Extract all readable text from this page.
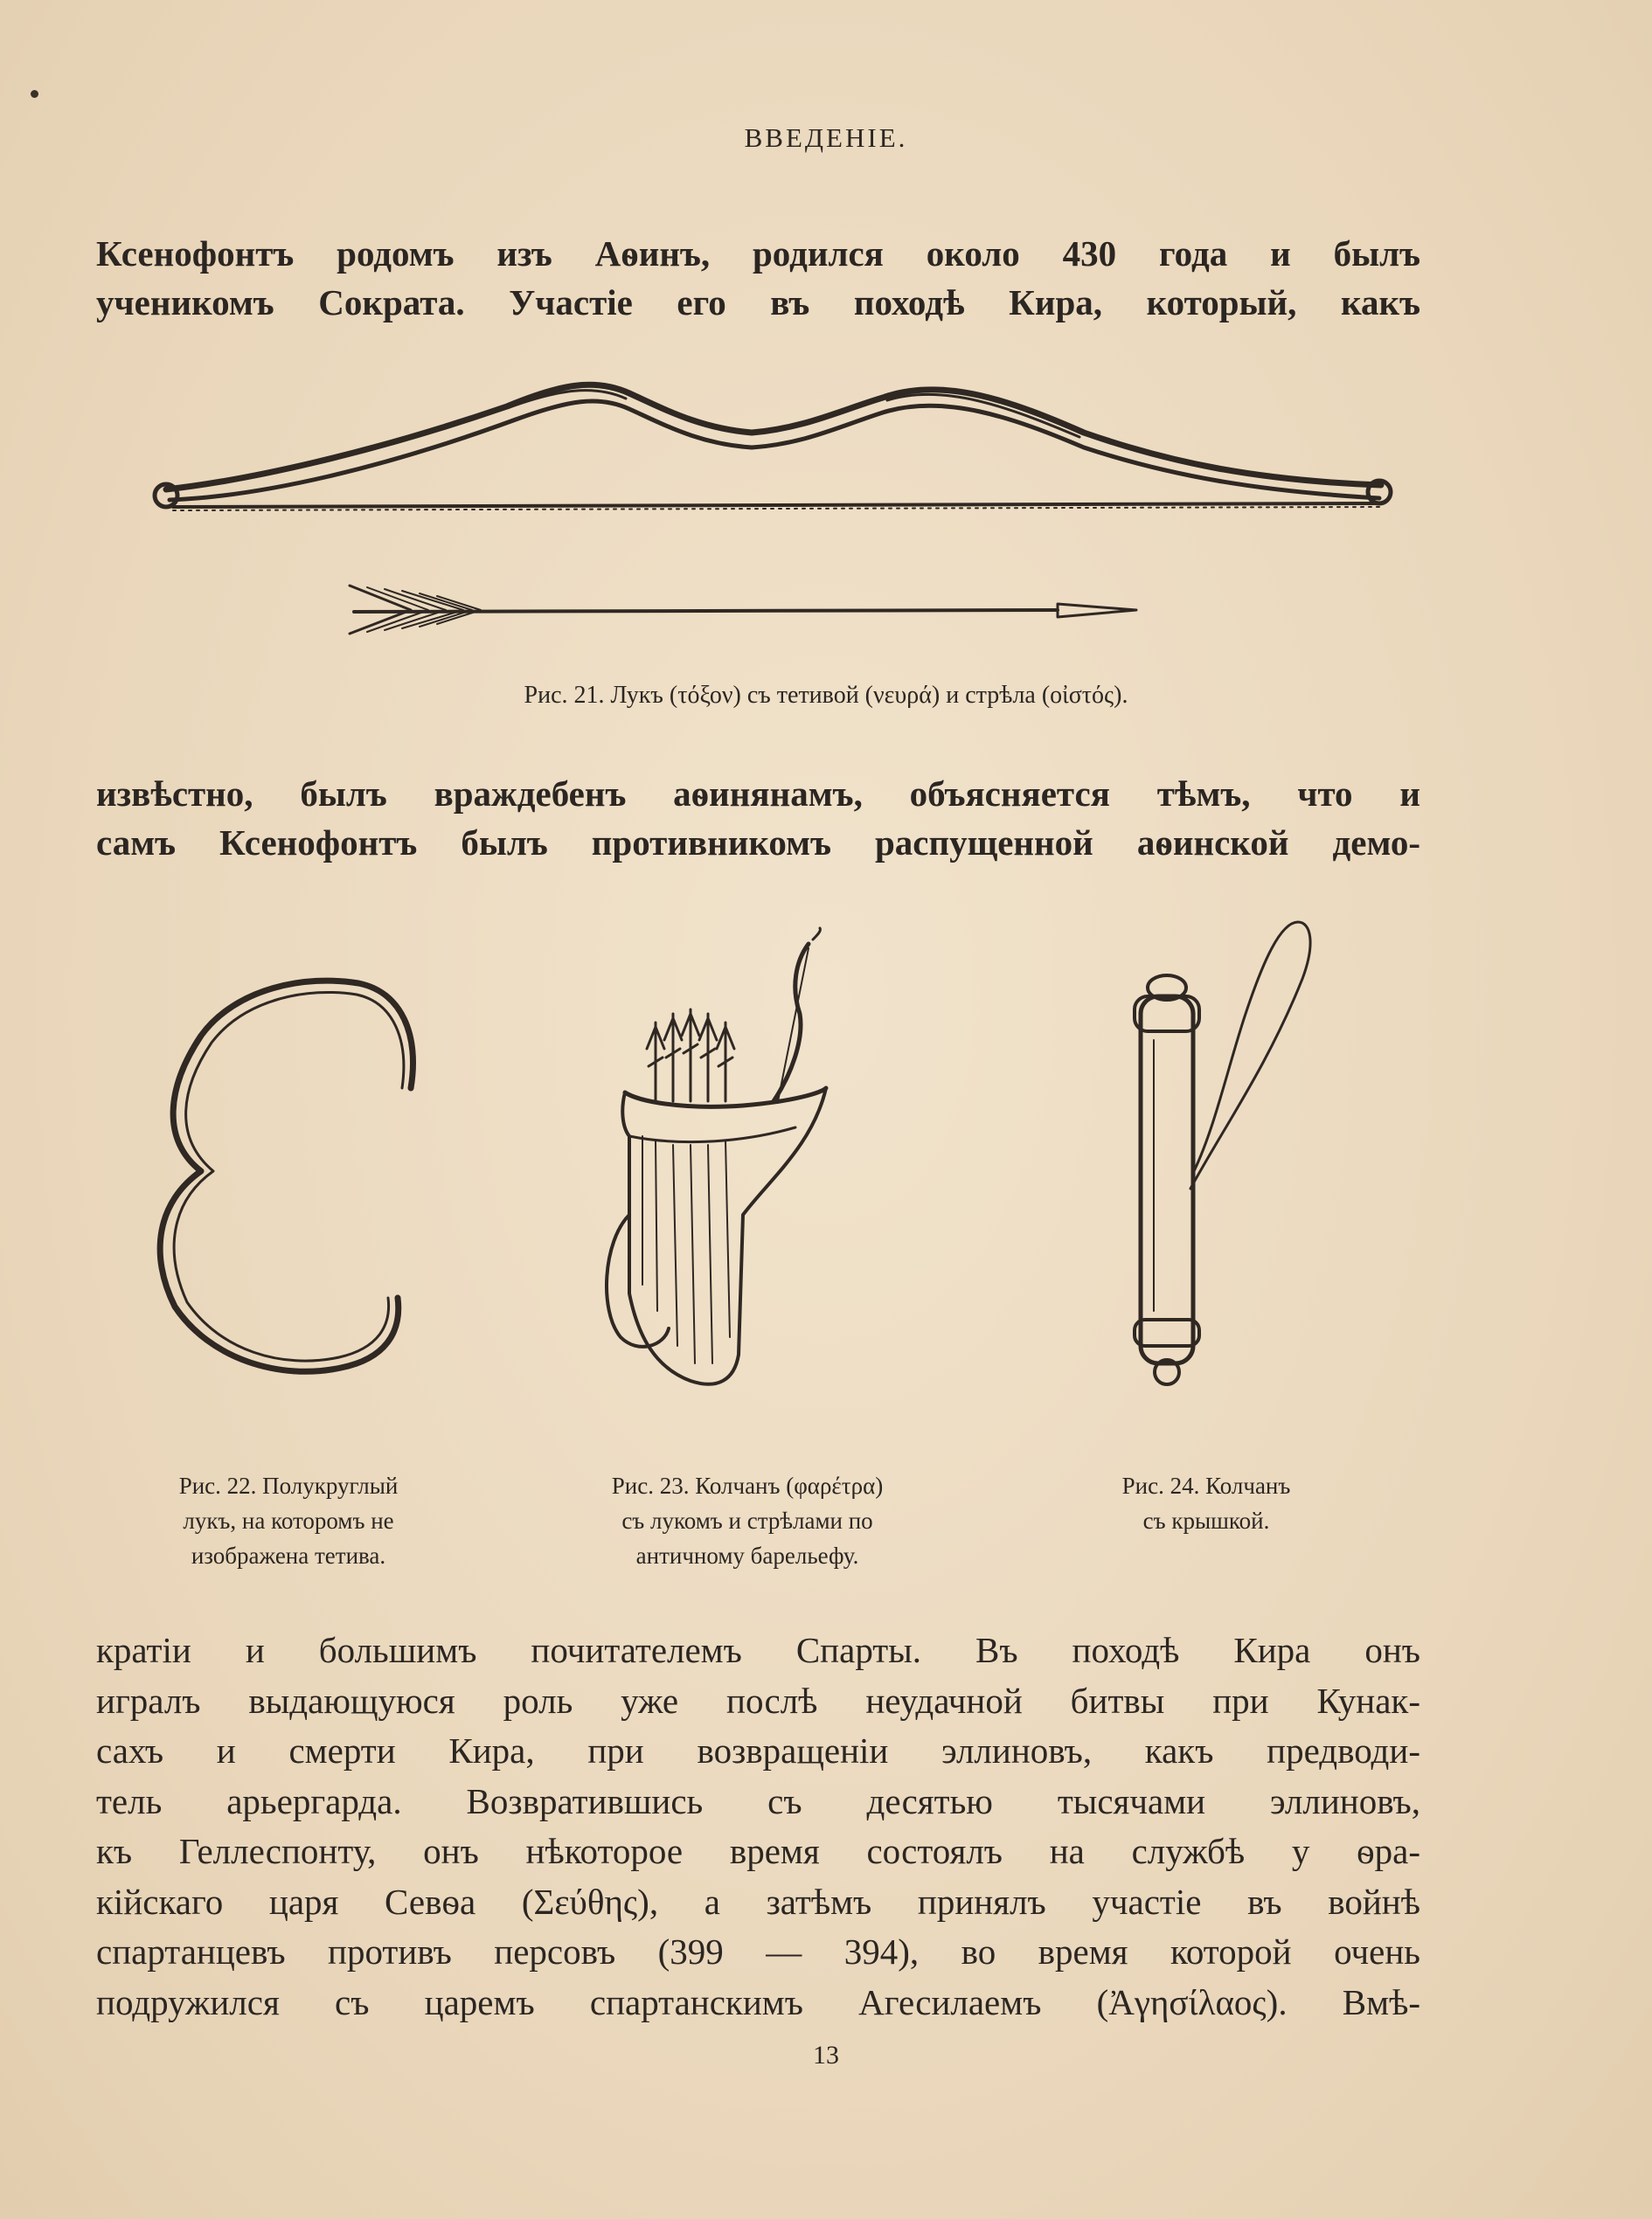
ВВЕДЕНІЕ.
Ксенофонтъ родомъ изъ Аѳинъ, родился около 430 года и былъ
ученикомъ Сократа. Участіе его въ походѣ Кира, который, какъ
Рис. 21. Лукъ (τόξον) съ тетивой (νευρά) и стрѣла (οἰστός).
извѣстно, былъ враждебенъ аѳинянамъ, объясняется тѣмъ, что и
самъ Ксенофонтъ былъ противникомъ распущенной аѳинской демо-
Рис. 22. Полукруглый
лукъ, на которомъ не
изображена тетива.
Рис. 23. Колчанъ (φαρέτρα)
съ лукомъ и стрѣлами по
античному барельефу.
Рис. 24. Колчанъ
съ крышкой.
кратіи и большимъ почитателемъ Спарты. Въ походѣ Кира онъ
игралъ выдающуюся роль уже послѣ неудачной битвы при Кунак-
сахъ и смерти Кира, при возвращеніи эллиновъ, какъ предводи-
тель арьергарда. Возвратившись съ десятью тысячами эллиновъ,
къ Геллеспонту, онъ нѣкоторое время состоялъ на службѣ у ѳра-
кійскаго царя Севѳа (Σεύθης), а затѣмъ принялъ участіе въ войнѣ
спартанцевъ противъ персовъ (399 — 394), во время которой очень
подружился съ царемъ спартанскимъ Агесилаемъ (Ἀγησίλαος). Вмѣ-
13
